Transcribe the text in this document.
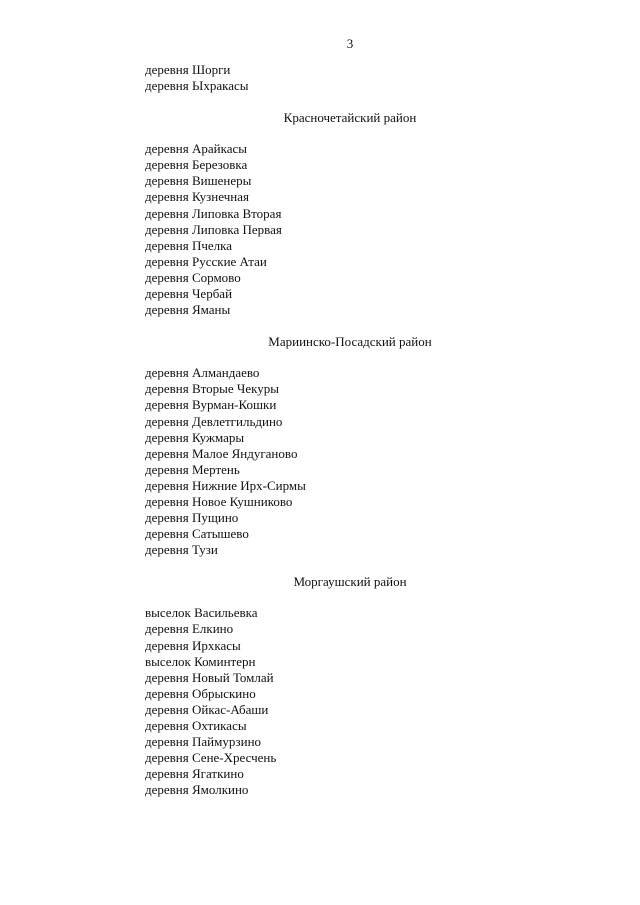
3
деревня Шорги
деревня Ыхракасы
Красночетайский район
деревня Арайкасы
деревня Березовка
деревня Вишенеры
деревня Кузнечная
деревня Липовка Вторая
деревня Липовка Первая
деревня Пчелка
деревня Русские Атаи
деревня Сормово
деревня Чербай
деревня Яманы
Мариинско-Посадский район
деревня Алмандаево
деревня Вторые Чекуры
деревня Вурман-Кошки
деревня Девлетгильдино
деревня Кужмары
деревня Малое Яндуганово
деревня Мертень
деревня Нижние Ирх-Сирмы
деревня Новое Кушниково
деревня Пущино
деревня Сатышево
деревня Тузи
Моргаушский район
выселок Васильевка
деревня Елкино
деревня Ирхкасы
выселок Коминтерн
деревня Новый Томлай
деревня Обрыскино
деревня Ойкас-Абаши
деревня Охтикасы
деревня Паймурзино
деревня Сене-Хресчень
деревня Ягаткино
деревня Ямолкино
